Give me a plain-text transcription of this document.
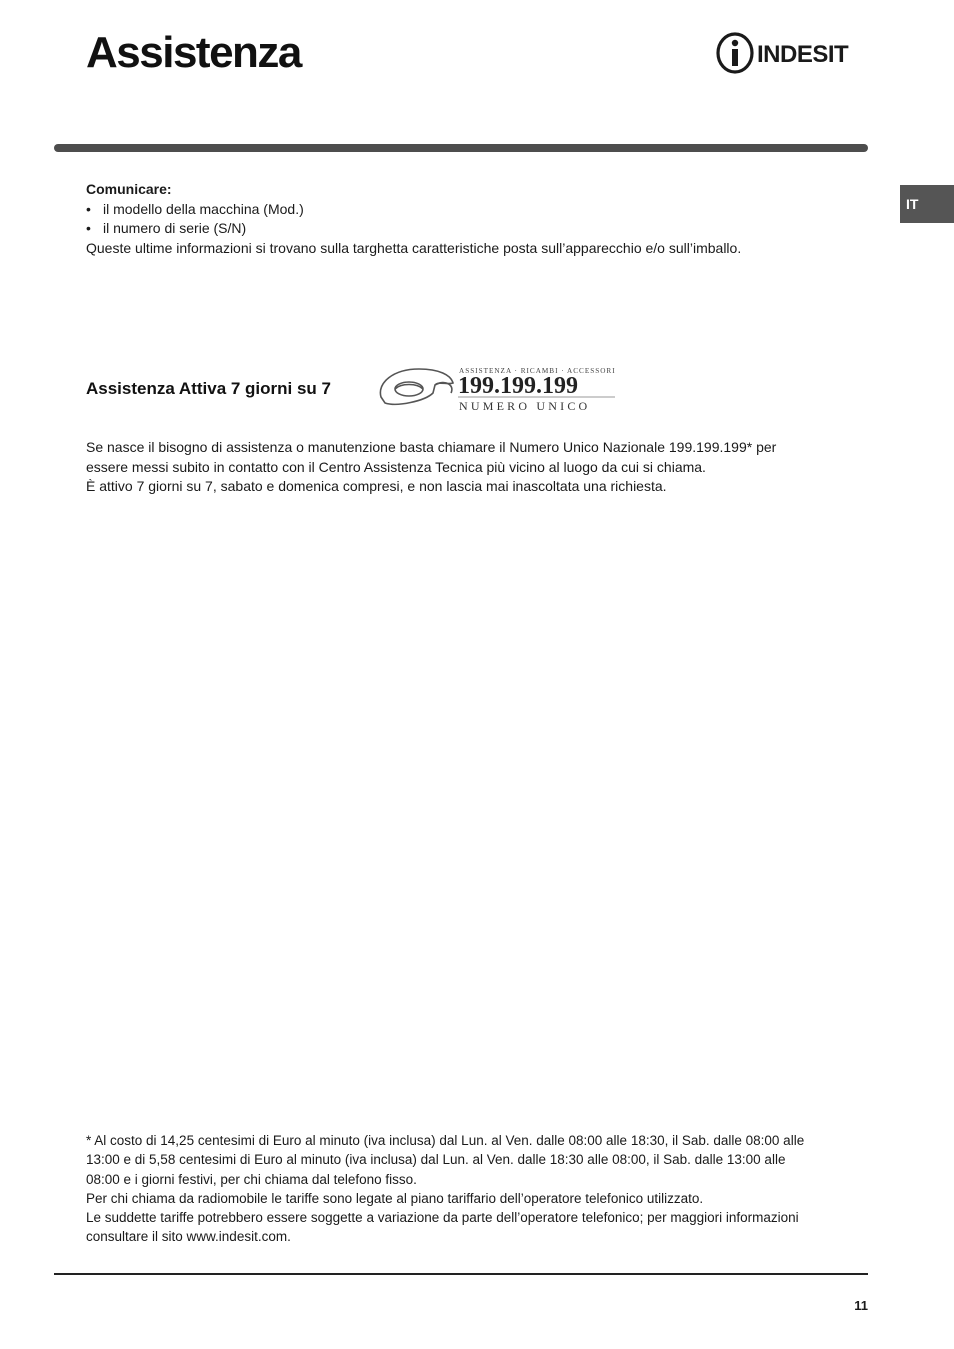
Assistenza	INDESIT
IT
Comunicare:
• il modello della macchina (Mod.)
• il numero di serie (S/N)
Queste ultime informazioni si trovano sulla targhetta caratteristiche posta sull’apparecchio e/o sull’imballo.
Assistenza Attiva 7 giorni su 7
ASSISTENZA · RICAMBI · ACCESSORI
199.199.199
NUMERO UNICO
Se nasce il bisogno di assistenza o manutenzione basta chiamare il Numero Unico Nazionale 199.199.199* per
essere messi subito in contatto con il Centro Assistenza Tecnica più vicino al luogo da cui si chiama.
È attivo 7 giorni su 7, sabato e domenica compresi, e non lascia mai inascoltata una richiesta.
* Al costo di 14,25 centesimi di Euro al minuto (iva inclusa) dal Lun. al Ven. dalle 08:00 alle 18:30, il Sab. dalle 08:00 alle
13:00 e di 5,58 centesimi di Euro al minuto (iva inclusa) dal Lun. al Ven. dalle 18:30 alle 08:00, il Sab. dalle 13:00 alle
08:00 e i giorni festivi, per chi chiama dal telefono fisso.
Per chi chiama da radiomobile le tariffe sono legate al piano tariffario dell’operatore telefonico utilizzato.
Le suddette tariffe potrebbero essere soggette a variazione da parte dell’operatore telefonico; per maggiori informazioni
consultare il sito www.indesit.com.
11
